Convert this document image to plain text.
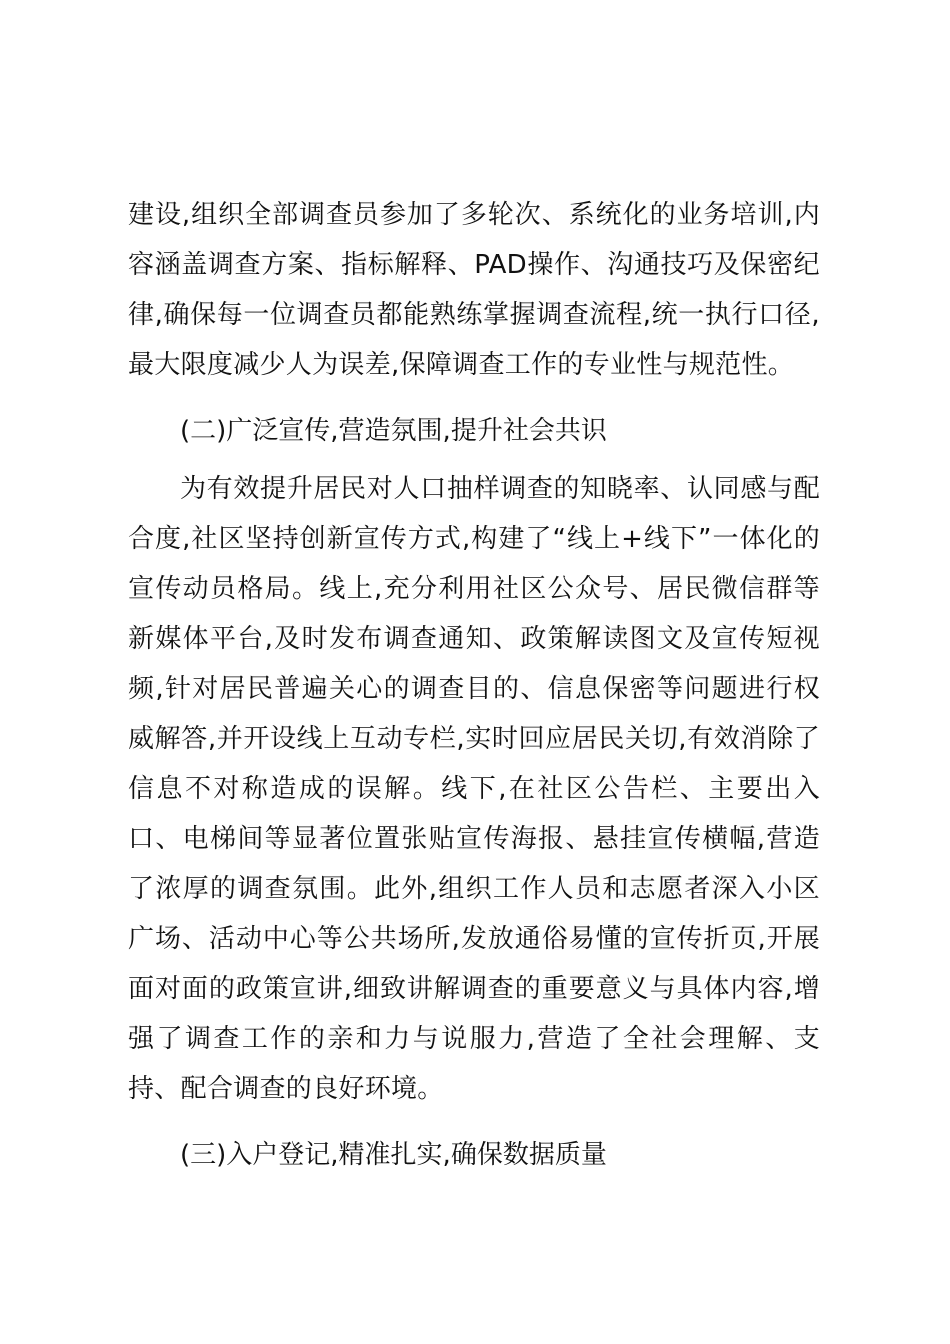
建设,组织全部调查员参加了多轮次、系统化的业务培训,内容涵盖调查方案、指标解释、PAD操作、沟通技巧及保密纪律,确保每一位调查员都能熟练掌握调查流程,统一执行口径,最大限度减少人为误差,保障调查工作的专业性与规范性。

(二)广泛宣传,营造氛围,提升社会共识

为有效提升居民对人口抽样调查的知晓率、认同感与配合度,社区坚持创新宣传方式,构建了“线上+线下”一体化的宣传动员格局。线上,充分利用社区公众号、居民微信群等新媒体平台,及时发布调查通知、政策解读图文及宣传短视频,针对居民普遍关心的调查目的、信息保密等问题进行权威解答,并开设线上互动专栏,实时回应居民关切,有效消除了信息不对称造成的误解。线下,在社区公告栏、主要出入口、电梯间等显著位置张贴宣传海报、悬挂宣传横幅,营造了浓厚的调查氛围。此外,组织工作人员和志愿者深入小区广场、活动中心等公共场所,发放通俗易懂的宣传折页,开展面对面的政策宣讲,细致讲解调查的重要意义与具体内容,增强了调查工作的亲和力与说服力,营造了全社会理解、支持、配合调查的良好环境。

(三)入户登记,精准扎实,确保数据质量
